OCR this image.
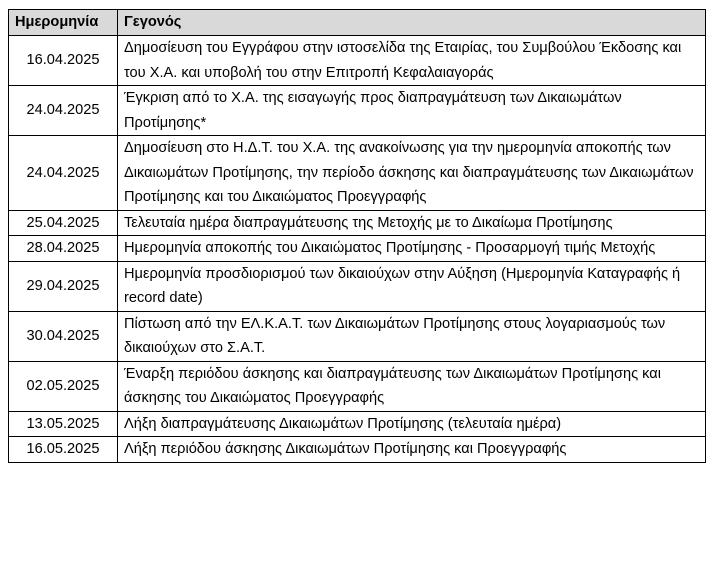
Ημερομηνία	Γεγονός
16.04.2025	Δημοσίευση του Εγγράφου στην ιστοσελίδα της Εταιρίας, του Συμβούλου Έκδοσης και του Χ.Α. και υποβολή του στην Επιτροπή Κεφαλαιαγοράς
24.04.2025	Έγκριση από το Χ.Α. της εισαγωγής προς διαπραγμάτευση των Δικαιωμάτων Προτίμησης*
24.04.2025	Δημοσίευση στο Η.Δ.Τ. του Χ.Α. της ανακοίνωσης για την ημερομηνία αποκοπής των Δικαιωμάτων Προτίμησης, την περίοδο άσκησης και διαπραγμάτευσης των Δικαιωμάτων Προτίμησης και του Δικαιώματος Προεγγραφής
25.04.2025	Τελευταία ημέρα διαπραγμάτευσης της Μετοχής με το Δικαίωμα Προτίμησης
28.04.2025	Ημερομηνία αποκοπής του Δικαιώματος Προτίμησης - Προσαρμογή τιμής Μετοχής
29.04.2025	Ημερομηνία προσδιορισμού των δικαιούχων στην Αύξηση (Ημερομηνία Καταγραφής ή record date)
30.04.2025	Πίστωση από την ΕΛ.Κ.Α.Τ. των Δικαιωμάτων Προτίμησης στους λογαριασμούς των δικαιούχων στο Σ.Α.Τ.
02.05.2025	Έναρξη περιόδου άσκησης και διαπραγμάτευσης των Δικαιωμάτων Προτίμησης και άσκησης του Δικαιώματος Προεγγραφής
13.05.2025	Λήξη διαπραγμάτευσης Δικαιωμάτων Προτίμησης (τελευταία ημέρα)
16.05.2025	Λήξη περιόδου άσκησης Δικαιωμάτων Προτίμησης και Προεγγραφής
